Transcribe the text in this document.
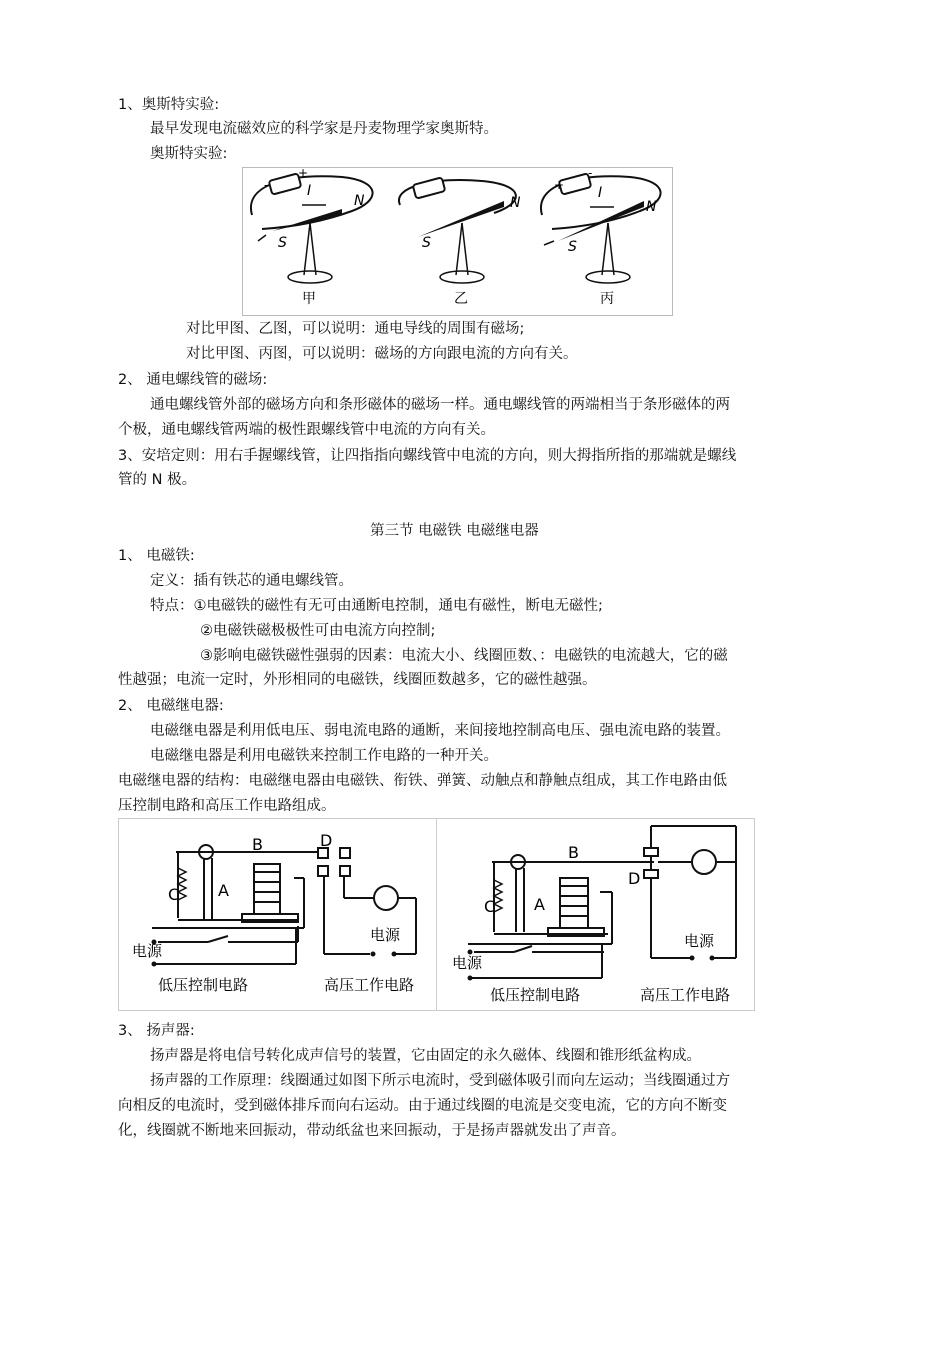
1、奥斯特实验:
最早发现电流磁效应的科学家是丹麦物理学家奥斯特。
奥斯特实验:
-
+
I
N
S
甲
N
S
乙
+
-
I
N
S
丙
对比甲图、乙图，可以说明：通电导线的周围有磁场;
对比甲图、丙图，可以说明：磁场的方向跟电流的方向有关。
2、 通电螺线管的磁场:
通电螺线管外部的磁场方向和条形磁体的磁场一样。通电螺线管的两端相当于条形磁体的两
个极，通电螺线管两端的极性跟螺线管中电流的方向有关。
3、安培定则：用右手握螺线管，让四指指向螺线管中电流的方向，则大拇指所指的那端就是螺线
管的 N 极。
第三节 电磁铁 电磁继电器
1、 电磁铁:
定义：插有铁芯的通电螺线管。
特点：①电磁铁的磁性有无可由通断电控制，通电有磁性，断电无磁性;
②电磁铁磁极极性可由电流方向控制;
③影响电磁铁磁性强弱的因素：电流大小、线圈匝数、：电磁铁的电流越大，它的磁
性越强；电流一定时，外形相同的电磁铁，线圈匝数越多，它的磁性越强。
2、 电磁继电器:
电磁继电器是利用低电压、弱电流电路的通断，来间接地控制高电压、强电流电路的装置。
电磁继电器是利用电磁铁来控制工作电路的一种开关。
电磁继电器的结构：电磁继电器由电磁铁、衔铁、弹簧、动触点和静触点组成，其工作电路由低
压控制电路和高压工作电路组成。
B	D
A
C
电源
电源
低压控制电路	高压工作电路
B
D
A
C
电源
电源
低压控制电路	高压工作电路
3、 扬声器:
扬声器是将电信号转化成声信号的装置，它由固定的永久磁体、线圈和锥形纸盆构成。
扬声器的工作原理：线圈通过如图下所示电流时，受到磁体吸引而向左运动；当线圈通过方
向相反的电流时，受到磁体排斥而向右运动。由于通过线圈的电流是交变电流，它的方向不断变
化，线圈就不断地来回振动，带动纸盆也来回振动，于是扬声器就发出了声音。
